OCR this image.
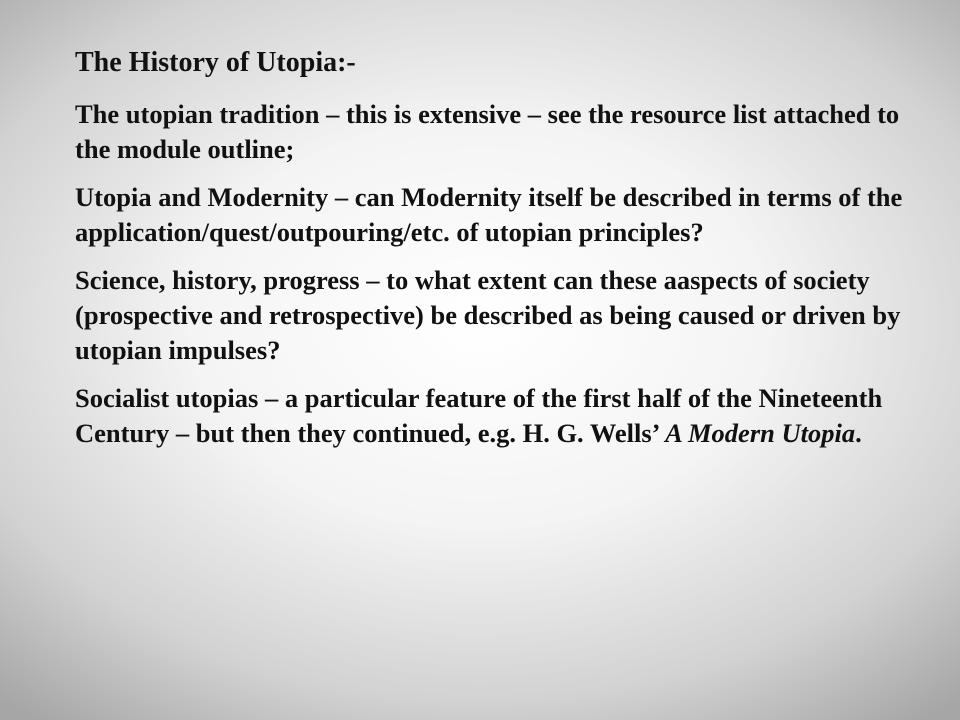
The History of Utopia:-
The utopian tradition – this is extensive – see the resource list attached to the module outline;
Utopia and Modernity – can Modernity itself be described in terms of the application/quest/outpouring/etc. of utopian principles?
Science, history, progress – to what extent can these aaspects of society (prospective and retrospective) be described as being caused or driven by utopian impulses?
Socialist utopias – a particular feature of the first half of the Nineteenth Century – but then they continued, e.g. H. G. Wells’ A Modern Utopia.
